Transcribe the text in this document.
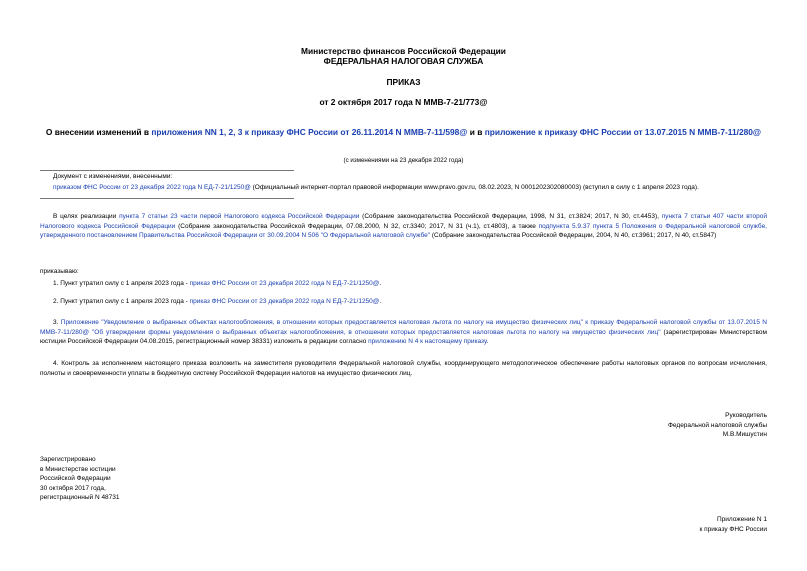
Министерство финансов Российской Федерации
ФЕДЕРАЛЬНАЯ НАЛОГОВАЯ СЛУЖБА
ПРИКАЗ
от 2 октября 2017 года N ММВ-7-21/773@
О внесении изменений в приложения NN 1, 2, 3 к приказу ФНС России от 26.11.2014 N ММВ-7-11/598@ и в приложение к приказу ФНС России от 13.07.2015 N ММВ-7-11/280@
(с изменениями на 23 декабря 2022 года)
Документ с изменениями, внесенными:
приказом ФНС России от 23 декабря 2022 года N ЕД-7-21/1250@ (Официальный интернет-портал правовой информации www.pravo.gov.ru, 08.02.2023, N 0001202302080003) (вступил в силу с 1 апреля 2023 года).
В целях реализации пункта 7 статьи 23 части первой Налогового кодекса Российской Федерации (Собрание законодательства Российской Федерации, 1998, N 31, ст.3824; 2017, N 30, ст.4453), пункта 7 статьи 407 части второй Налогового кодекса Российской Федерации (Собрание законодательства Российской Федерации, 07.08.2000, N 32, ст.3340; 2017, N 31 (ч.1), ст.4803), а также подпункта 5.9.37 пункта 5 Положения о Федеральной налоговой службе, утвержденного постановлением Правительства Российской Федерации от 30.09.2004 N 506 "О Федеральной налоговой службе" (Собрание законодательства Российской Федерации, 2004, N 40, ст.3961; 2017, N 40, ст.5847)
приказываю:
1. Пункт утратил силу с 1 апреля 2023 года - приказ ФНС России от 23 декабря 2022 года N ЕД-7-21/1250@.
2. Пункт утратил силу с 1 апреля 2023 года - приказ ФНС России от 23 декабря 2022 года N ЕД-7-21/1250@.
3. Приложение "Уведомление о выбранных объектах налогообложения, в отношении которых предоставляется налоговая льгота по налогу на имущество физических лиц" к приказу Федеральной налоговой службы от 13.07.2015 N ММВ-7-11/280@ "Об утверждении формы уведомления о выбранных объектах налогообложения, в отношении которых предоставляется налоговая льгота по налогу на имущество физических лиц" (зарегистрирован Министерством юстиции Российской Федерации 04.08.2015, регистрационный номер 38331) изложить в редакции согласно приложению N 4 к настоящему приказу.
4. Контроль за исполнением настоящего приказа возложить на заместителя руководителя Федеральной налоговой службы, координирующего методологическое обеспечение работы налоговых органов по вопросам исчисления, полноты и своевременности уплаты в бюджетную систему Российской Федерации налогов на имущество физических лиц.
Руководитель
Федеральной налоговой службы
М.В.Мишустин
Зарегистрировано
в Министерстве юстиции
Российской Федерации
30 октября 2017 года,
регистрационный N 48731
Приложение N 1
к приказу ФНС России
